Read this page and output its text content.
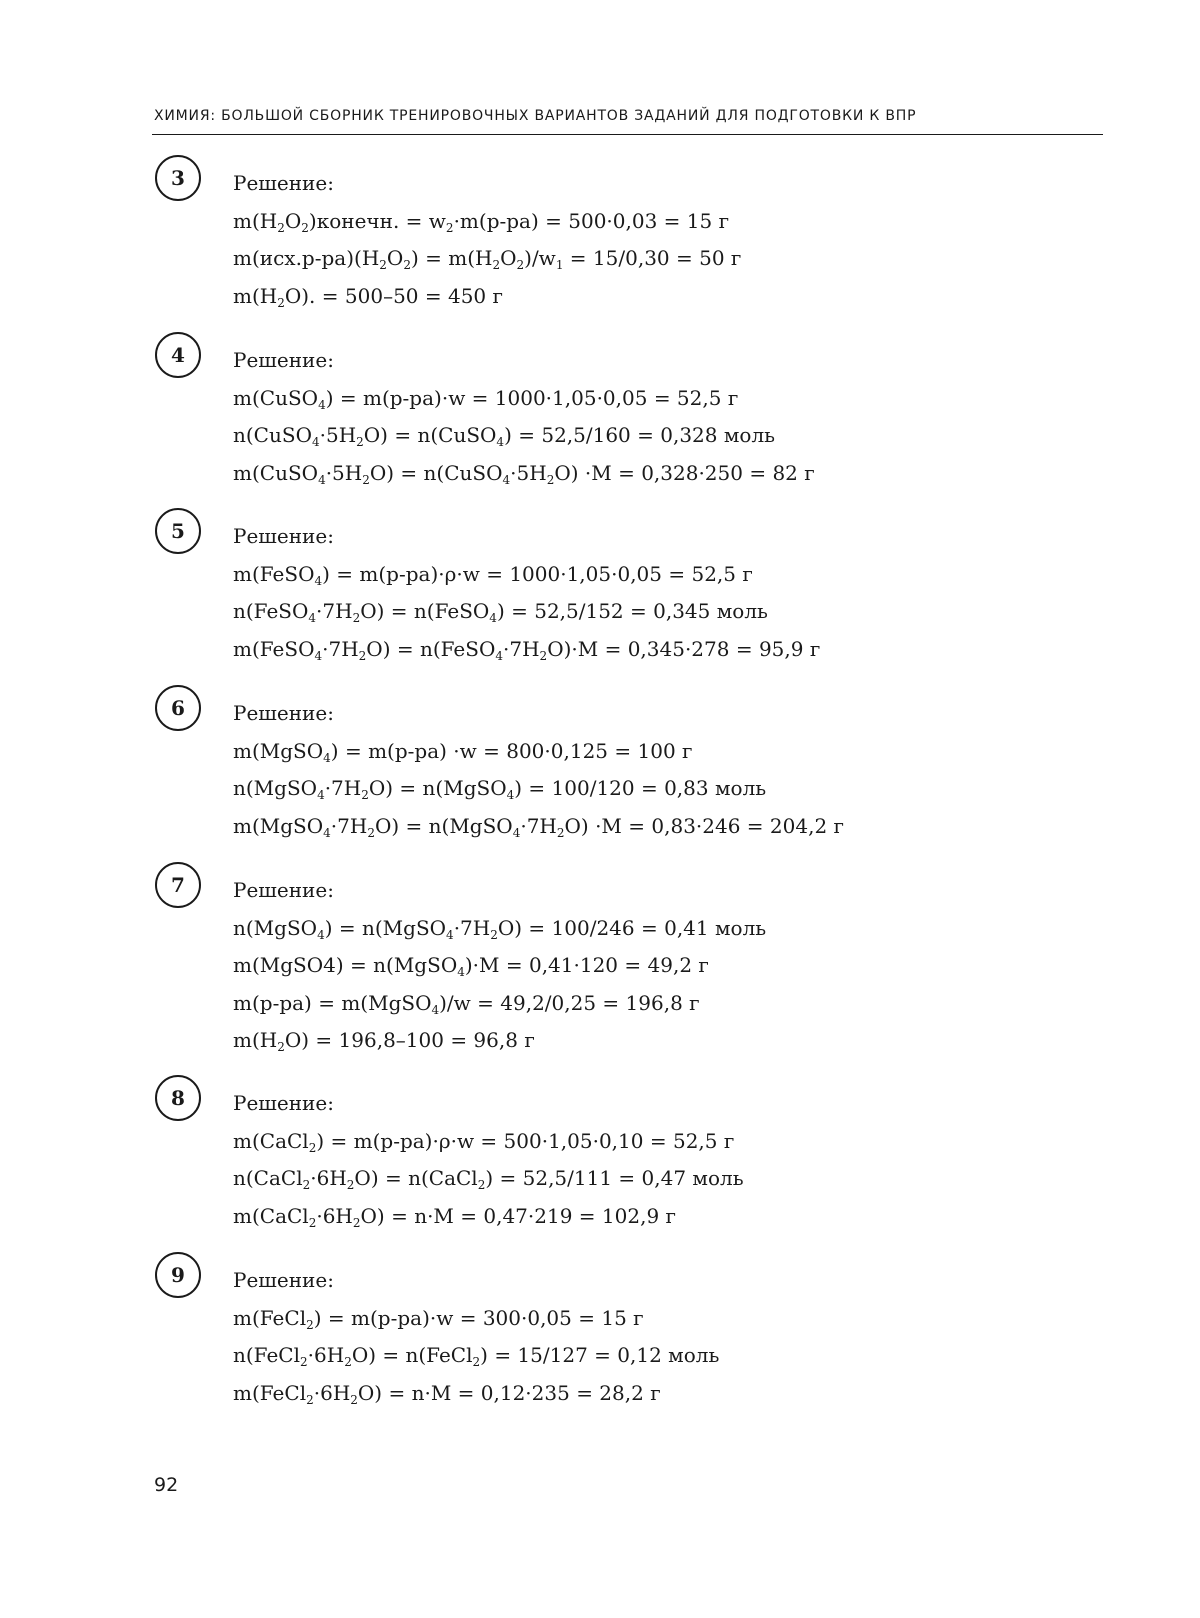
ХИМИЯ: БОЛЬШОЙ СБОРНИК ТРЕНИРОВОЧНЫХ ВАРИАНТОВ ЗАДАНИЙ ДЛЯ ПОДГОТОВКИ К ВПР
3	Решение:
$m(H_2O_2)конечн$. = $w_2\cdot m(р-ра) = 500\cdot 0,03 = 15$ г
$m(исх.р-ра)(H_2O_2) = m(H_2O_2)/w_1 = 15/0,30 = 50$ г
$m(H_2O)$. = 500–50 = 450 г
4	Решение:
m(CuSO$_4$) = m(р-ра)·w = 1000·1,05·0,05 = 52,5 г
$n(CuSO_4\cdot 5H_2O)$ = n(CuSO$_4$) = 52,5/160 = 0,328 моль
$m(CuSO_4\cdot 5H_2O)$ = $n(CuSO_4\cdot 5H_2O) \cdot M = 0,328\cdot 250 = 82$ г
5	Решение:
m(FeSO$_4$) = m(р-ра)·ρ·w = 1000·1,05·0,05 = 52,5 г
$n(FeSO_4\cdot 7H_2O)$ = n(FeSO$_4$) = 52,5/152 = 0,345 моль
$m(FeSO_4\cdot 7H_2O)$ = $n(FeSO_4\cdot 7H_2O)\cdot M = 0,345\cdot 278 = 95,9$ г
6	Решение:
m(MgSO$_4$) = m(р-ра) ·w = 800·0,125 = 100 г
$n(MgSO_4\cdot 7H_2O)$ = n(MgSO$_4$) = 100/120 = 0,83 моль
$m(MgSO_4\cdot 7H_2O)$ = $n(MgSO_4\cdot 7H_2O) \cdot M = 0,83\cdot 246 = 204,2$ г
7	Решение:
n(MgSO$_4$) = $n(MgSO_4\cdot 7H_2O) = 100/246 = 0,41$ моль
m(MgSO4) = n(MgSO$_4$)·M = 0,41·120 = 49,2 г
m(р-ра) = m(MgSO$_4$)/w = 49,2/0,25 = 196,8 г
$m(H_2O) = 196,8-100 = 96,8$ г
8	Решение:
m(CaCl$_2$) = m(р-ра)·ρ·w = 500·1,05·0,10 = 52,5 г
$n(CaCl_2\cdot 6H_2O)$ = n(CaCl$_2$) = 52,5/111 = 0,47 моль
$m(CaCl_2\cdot 6H_2O) = n\cdot M = 0,47\cdot 219 = 102,9$ г
9	Решение:
m(FeCl$_2$) = m(р-ра)·w = 300·0,05 = 15 г
$n(FeCl_2\cdot 6H_2O)$ = n(FeCl$_2$) = 15/127 = 0,12 моль
$m(FeCl_2\cdot 6H_2O) = n\cdot M = 0,12\cdot 235 = 28,2$ г
92
